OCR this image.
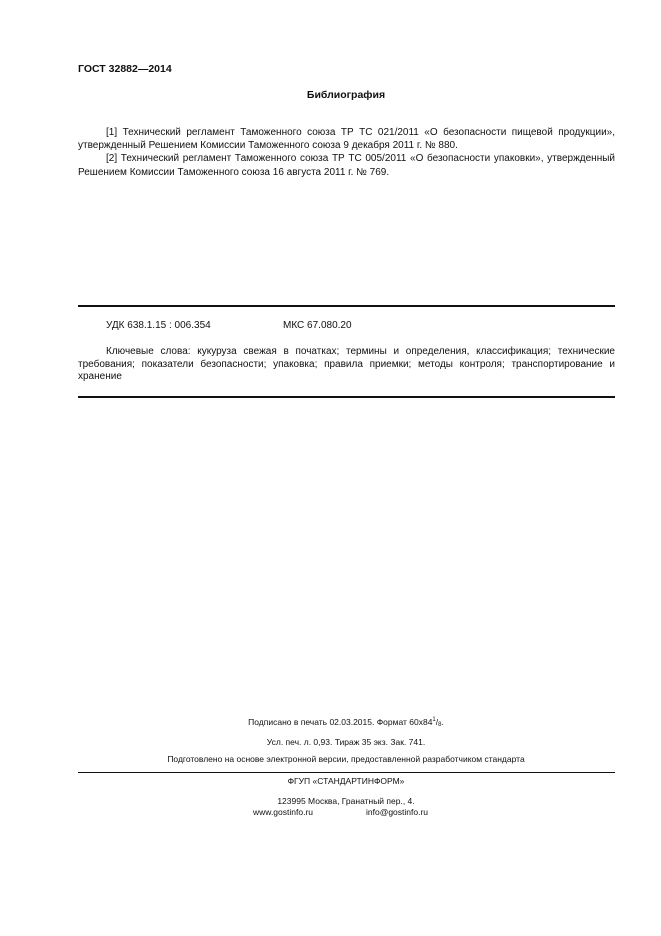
ГОСТ 32882—2014
Библиография

[1] Технический регламент Таможенного союза ТР ТС 021/2011 «О безопасности пищевой продукции», утвержденный Решением Комиссии Таможенного союза 9 декабря 2011 г. № 880.

[2] Технический регламент Таможенного союза ТР ТС 005/2011 «О безопасности упаковки», утвержденный Решением Комиссии Таможенного союза 16 августа 2011 г. № 769.

УДК 638.1.15 : 006.354	МКС 67.080.20

Ключевые слова: кукуруза свежая в початках; термины и определения, классификация; технические требования; показатели безопасности; упаковка; правила приемки; методы контроля; транспортирование и хранение

Подписано в печать 02.03.2015. Формат $60x84^1/_8$.
Усл. печ. л. 0,93. Тираж 35 экз. Зак. 741.
Подготовлено на основе электронной версии, предоставленной разработчиком стандарта
ФГУП «СТАНДАРТИНФОРМ»
123995 Москва, Гранатный пер., 4.
www.gostinfo.ru	info@gostinfo.ru
